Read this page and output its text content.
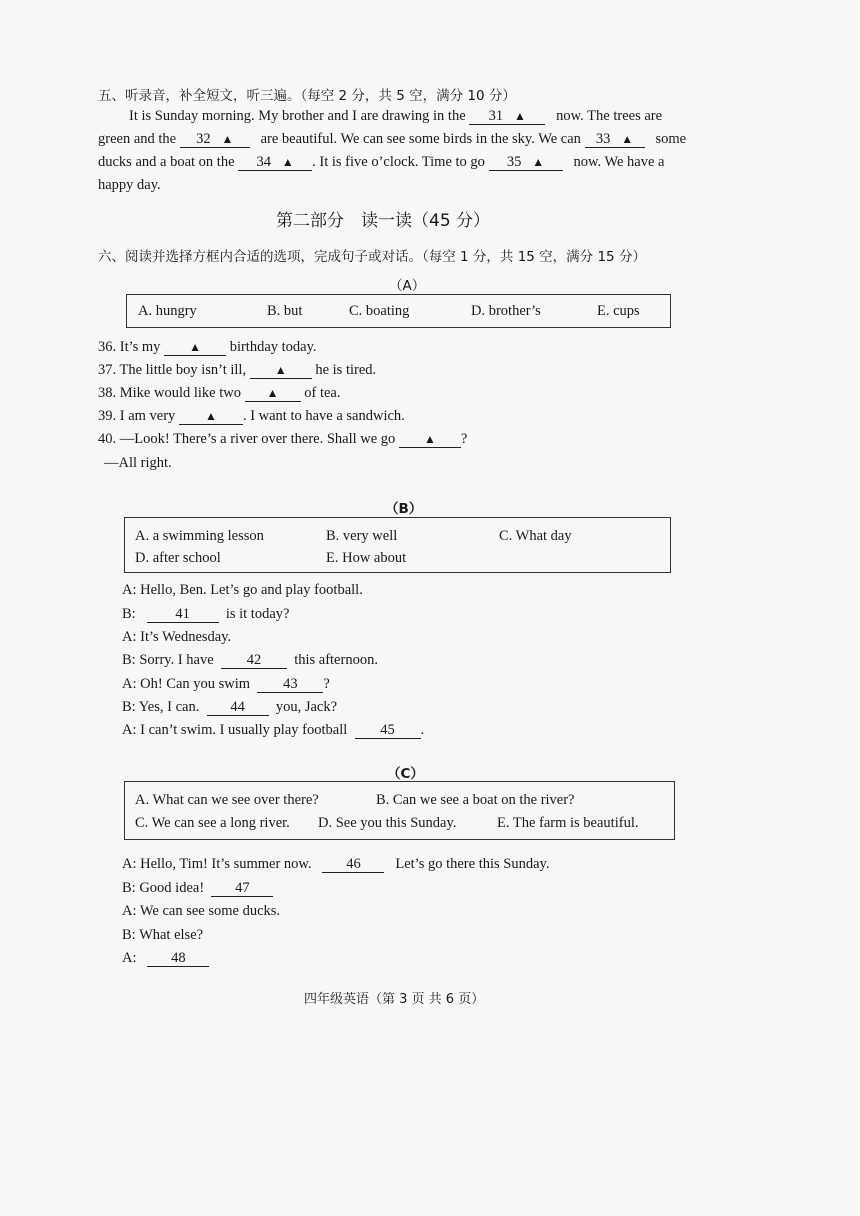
五、听录音，补全短文，听三遍。（每空 2 分，共 5 空，满分 10 分）
It is Sunday morning. My brother and I are drawing in the 31 ▲ now. The trees are
green and the 32 ▲ are beautiful. We can see some birds in the sky. We can 33 ▲ some
ducks and a boat on the 34 ▲ . It is five o’clock. Time to go 35 ▲ now. We have a
happy day.
第二部分　读一读（45 分）
六、阅读并选择方框内合适的选项，完成句子或对话。（每空 1 分，共 15 空，满分 15 分）
（A）
A. hungry	B. but	C. boating	D. brother’s	E. cups
36. It’s my ▲ birthday today.
37. The little boy isn’t ill, ▲ he is tired.
38. Mike would like two ▲ of tea.
39. I am very ▲ . I want to have a sandwich.
40. —Look! There’s a river over there. Shall we go ▲ ?
—All right.
（B）
A. a swimming lesson	B. very well	C. What day
D. after school	E. How about
A: Hello, Ben. Let’s go and play football.
B:	41 is it today?
A: It’s Wednesday.
B: Sorry. I have 42 this afternoon.
A: Oh! Can you swim 43 ?
B: Yes, I can. 44 you, Jack?
A: I can’t swim. I usually play football 45 .
（C）
A. What can we see over there?	B. Can we see a boat on the river?
C. We can see a long river. D. See you this Sunday.	E. The farm is beautiful.
A: Hello, Tim! It’s summer now. 46 Let’s go there this Sunday.
B: Good idea! 47
A: We can see some ducks.
B: What else?
A: 48
四年级英语（第 3 页 共 6 页）
